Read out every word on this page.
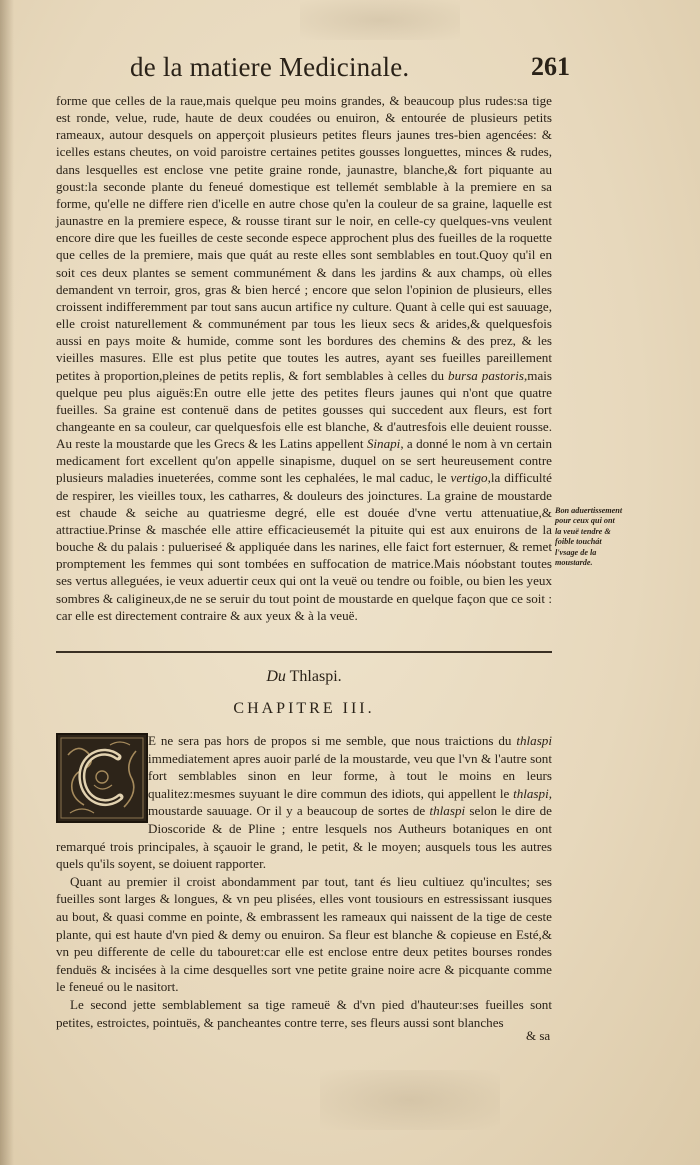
de la matiere Medicinale.	261

forme que celles de la raue,mais quelque peu moins grandes, & beaucoup plus rudes:sa tige est ronde, velue, rude, haute de deux coudées ou enuiron, & entourée de plusieurs petits rameaux, autour desquels on apperçoit plusieurs petites fleurs jaunes tres-bien agencées: & icelles estans cheutes, on void paroistre certaines petites gousses longuettes, minces & rudes, dans lesquelles est enclose vne petite graine ronde, jaunastre, blanche,& fort piquante au goust:la seconde plante du feneué domestique est tellemét semblable à la premiere en sa forme, qu'elle ne differe rien d'icelle en autre chose qu'en la couleur de sa graine, laquelle est jaunastre en la premiere espece, & rousse tirant sur le noir, en celle-cy quelques-vns veulent encore dire que les fueilles de ceste seconde espece approchent plus des fueilles de la roquette que celles de la premiere, mais que quát au reste elles sont semblables en tout.Quoy qu'il en soit ces deux plantes se sement communément & dans les jardins & aux champs, où elles demandent vn terroir, gros, gras & bien hercé ; encore que selon l'opinion de plusieurs, elles croissent indifferemment par tout sans aucun artifice ny culture. Quant à celle qui est sauuage, elle croist naturellement & communément par tous les lieux secs & arides,& quelquesfois aussi en pays moite & humide, comme sont les bordures des chemins & des prez, & les vieilles masures. Elle est plus petite que toutes les autres, ayant ses fueilles pareillement petites à proportion,pleines de petits replis, & fort semblables à celles du bursa pastoris,mais quelque peu plus aiguës:En outre elle jette des petites fleurs jaunes qui n'ont que quatre fueilles. Sa graine est contenuë dans de petites gousses qui succedent aux fleurs, est fort changeante en sa couleur, car quelquesfois elle est blanche, & d'autresfois elle deuient rousse. Au reste la moustarde que les Grecs & les Latins appellent Sinapi, a donné le nom à vn certain medicament fort excellent qu'on appelle sinapisme, duquel on se sert heureusement contre plusieurs maladies inueterées, comme sont les cephalées, le mal caduc, le vertigo,la difficulté de respirer, les vieilles toux, les catharres, & douleurs des joinctures. La graine de moustarde est chaude & seiche au quatriesme degré, elle est douée d'vne vertu attenuatiue,& attractiue.Prinse & maschée elle attire efficacieusemét la pituite qui est aux enuirons de la bouche & du palais : pulueriseé & appliquée dans les narines, elle faict fort esternuer, & remet promptement les femmes qui sont tombées en suffocation de matrice.Mais nóobstant toutes ses vertus alleguées, ie veux aduertir ceux qui ont la veuë ou tendre ou foible, ou bien les yeux sombres & caligineux,de ne se seruir du tout point de moustarde en quelque façon que ce soit : car elle est directement contraire & aux yeux & à la veuë.

Bon aduertissement pour ceux qui ont la veuë tendre & foible touchát l'vsage de la moustarde.
Du Thlaspi.
CHAPITRE III.

E ne sera pas hors de propos si me semble, que nous traictions du thlaspi immediatement apres auoir parlé de la moustarde, veu que l'vn & l'autre sont fort semblables sinon en leur forme, à tout le moins en leurs qualitez:mesmes suyuant le dire commun des idiots, qui appellent le thlaspi, moustarde sauuage. Or il y a beaucoup de sortes de thlaspi selon le dire de Dioscoride & de Pline ; entre lesquels nos Autheurs botaniques en ont remarqué trois principales, à sçauoir le grand, le petit, & le moyen; ausquels tous les autres quels qu'ils soyent, se doiuent rapporter.

Quant au premier il croist abondamment par tout, tant és lieu cultiuez qu'incultes; ses fueilles sont larges & longues, & vn peu plisées, elles vont tousiours en estressissant iusques au bout, & quasi comme en pointe, & embrassent les rameaux qui naissent de la tige de ceste plante, qui est haute d'vn pied & demy ou enuiron. Sa fleur est blanche & copieuse en Esté,& vn peu differente de celle du tabouret:car elle est enclose entre deux petites bourses rondes fenduës & incisées à la cime desquelles sort vne petite graine noire acre & picquante comme le feneué ou le nasitort.

Le second jette semblablement sa tige rameuë & d'vn pied d'hauteur:ses fueilles sont petites, estroictes, pointuës, & pancheantes contre terre, ses fleurs aussi sont blanches

& sa
